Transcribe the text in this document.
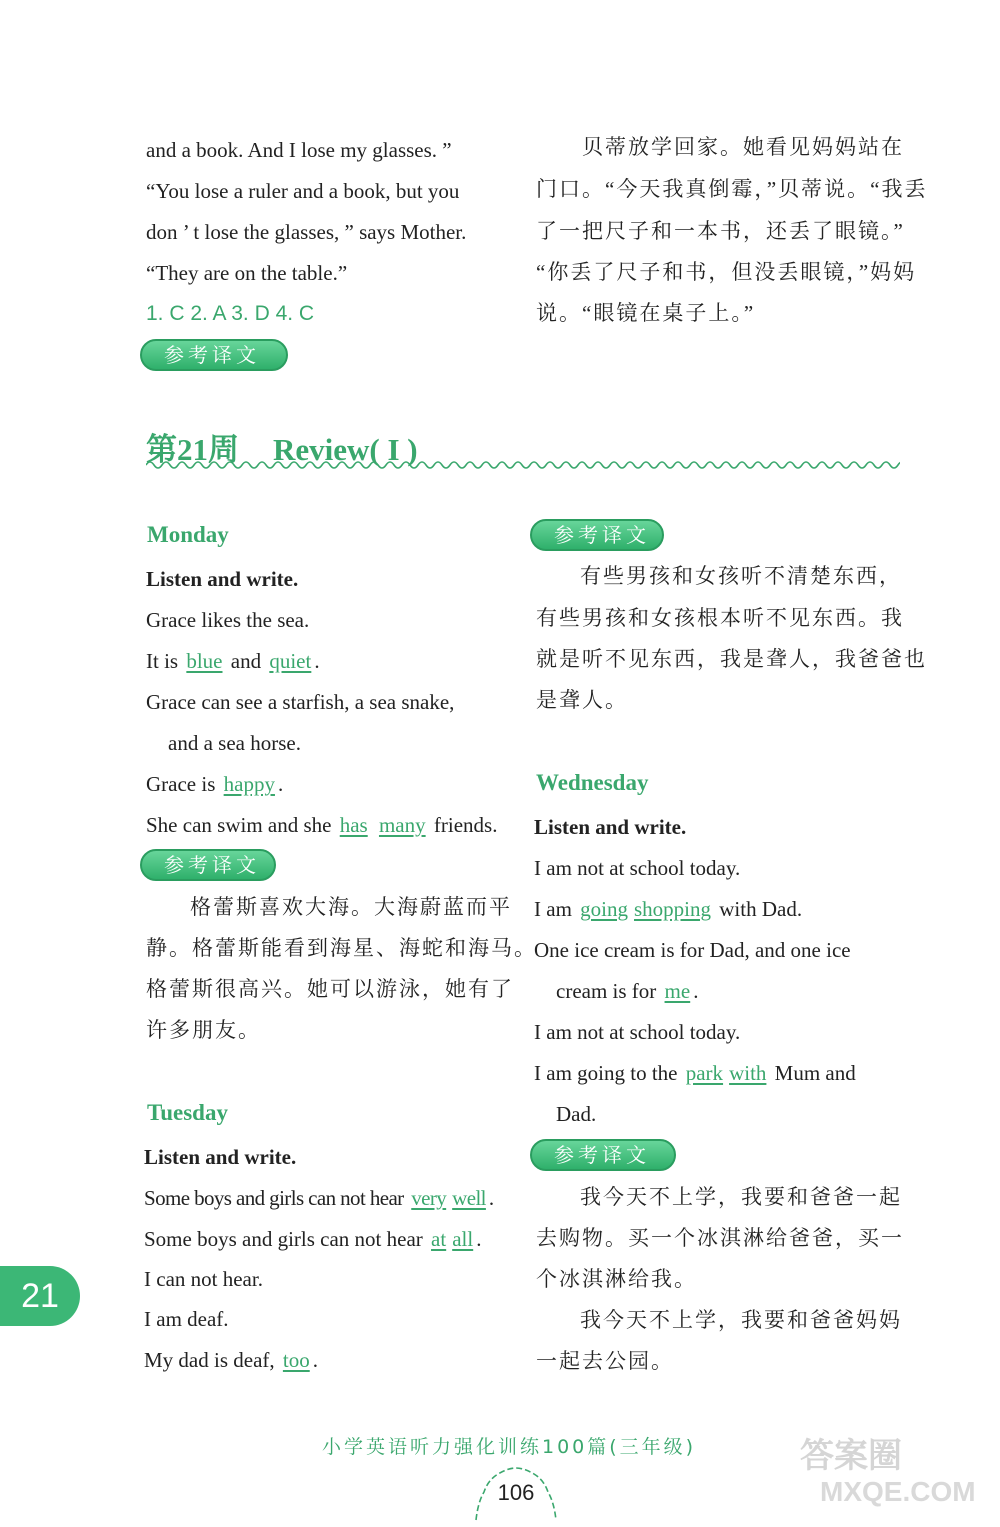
and a book. And I lose my glasses. ”
“You lose a ruler and a book, but you
don ’ t lose the glasses, ” says Mother.
“They are on the table.”
1. C 2. A 3. D 4. C
参考译文
贝蒂放学回家。她看见妈妈站在
门口。“今天我真倒霉，”贝蒂说。“我丢
了一把尺子和一本书，还丢了眼镜。”
“你丢了尺子和书，但没丢眼镜，”妈妈
说。“眼镜在桌子上。”
第21周 Review( I )
Monday
Listen and write.
Grace likes the sea.
It is blue and quiet .
Grace can see a starfish, a sea snake,
and a sea horse.
Grace is happy .
She can swim and she has many friends.
参考译文
格蕾斯喜欢大海。大海蔚蓝而平
静。格蕾斯能看到海星、海蛇和海马。
格蕾斯很高兴。她可以游泳，她有了
许多朋友。
Tuesday
Listen and write.
Some boys and girls can not hear very well .
Some boys and girls can not hear at all .
I can not hear.
I am deaf.
My dad is deaf, too .
参考译文
有些男孩和女孩听不清楚东西，
有些男孩和女孩根本听不见东西。我
就是听不见东西，我是聋人，我爸爸也
是聋人。
Wednesday
Listen and write.
I am not at school today.
I am going shopping with Dad.
One ice cream is for Dad, and one ice
cream is for me .
I am not at school today.
I am going to the park with Mum and
Dad.
参考译文
我今天不上学，我要和爸爸一起
去购物。买一个冰淇淋给爸爸，买一
个冰淇淋给我。
我今天不上学，我要和爸爸妈妈
一起去公园。
21
小学英语听力强化训练100篇(三年级)
106
答案圈
MXQE.COM
